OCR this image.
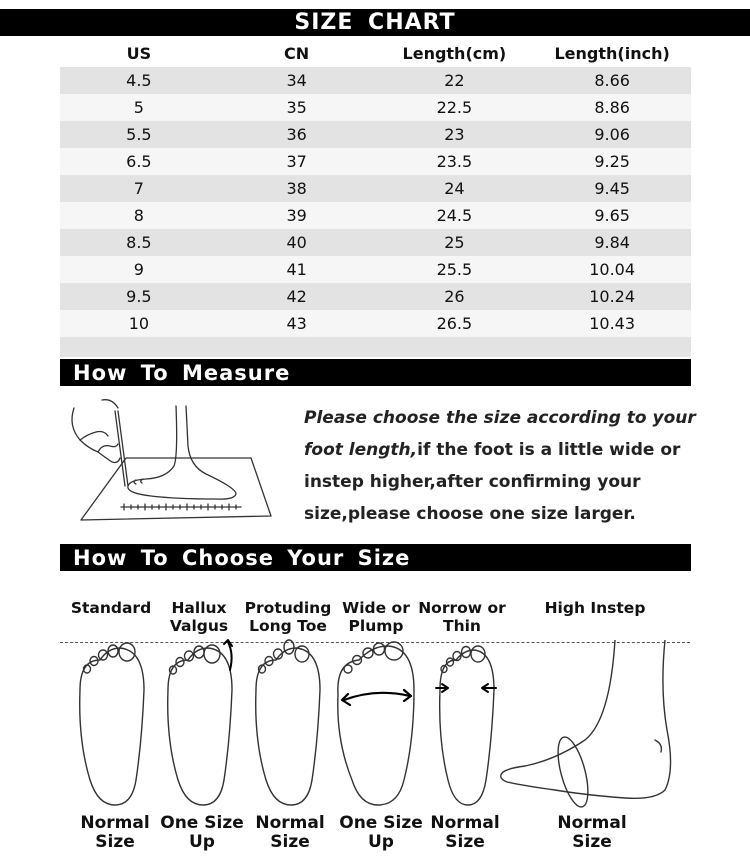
SIZE CHART
US	CN	Length(cm)	Length(inch)
4.5	34	22	8.66
5	35	22.5	8.86
5.5	36	23	9.06
6.5	37	23.5	9.25
7	38	24	9.45
8	39	24.5	9.65
8.5	40	25	9.84
9	41	25.5	10.04
9.5	42	26	10.24
10	43	26.5	10.43
How To Measure
Please choose the size according to your foot length,if the foot is a little wide or instep higher,after confirming your size,please choose one size larger.
How To Choose Your Size
Standard	Hallux
Valgus
Protuding
Long Toe
Wide or
Plump
Norrow or
Thin
High Instep
Normal
Size
One Size
Up
Normal
Size
One Size
Up
Normal
Size
Normal
Size
